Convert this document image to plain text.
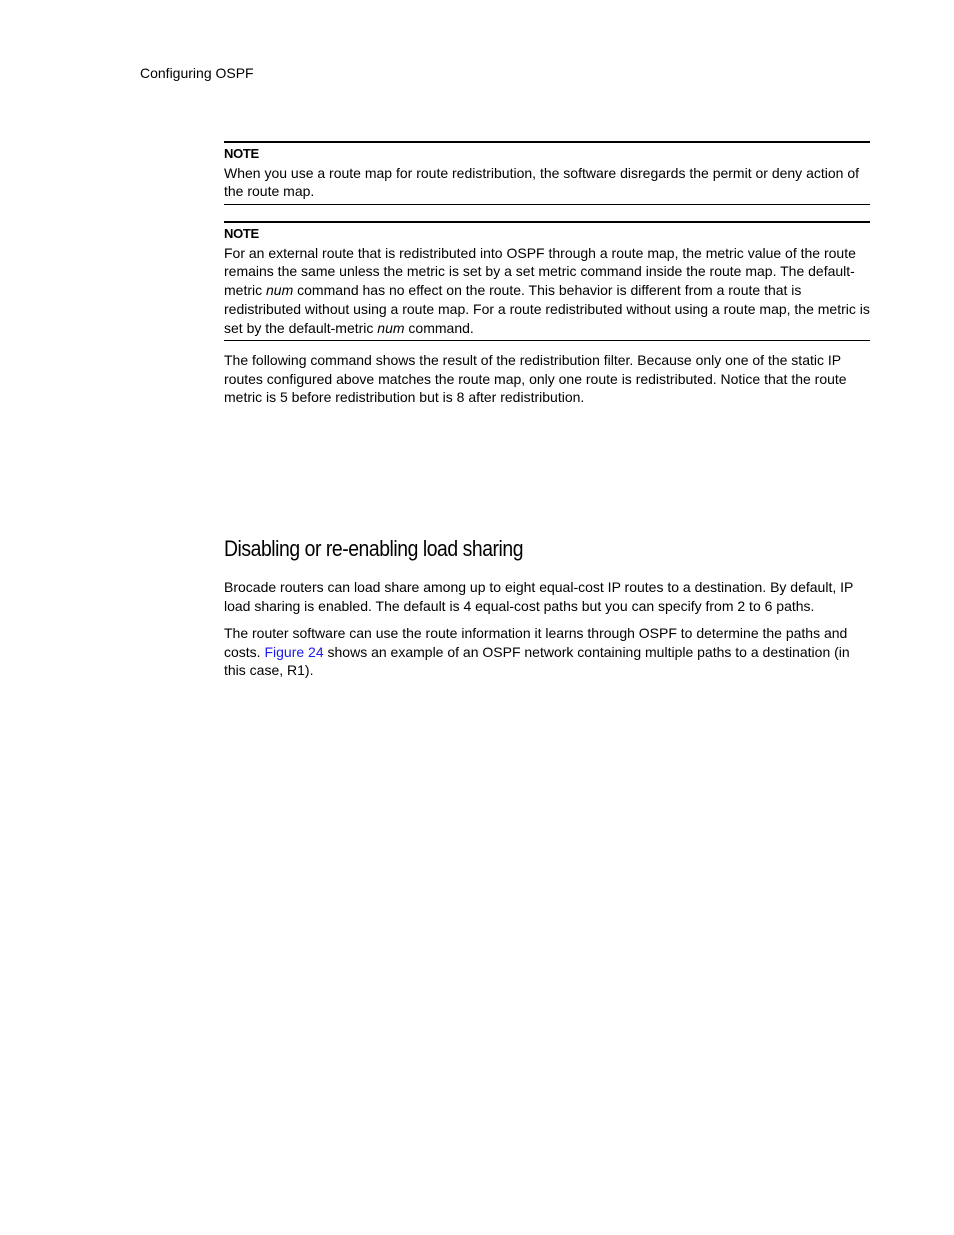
Configuring OSPF
NOTE
When you use a route map for route redistribution, the software disregards the permit or deny action of the route map.
NOTE
For an external route that is redistributed into OSPF through a route map, the metric value of the route remains the same unless the metric is set by a set metric command inside the route map. The default-metric num command has no effect on the route. This behavior is different from a route that is redistributed without using a route map. For a route redistributed without using a route map, the metric is set by the default-metric num command.

The following command shows the result of the redistribution filter. Because only one of the static IP routes configured above matches the route map, only one route is redistributed. Notice that the route metric is 5 before redistribution but is 8 after redistribution.

Disabling or re-enabling load sharing

Brocade routers can load share among up to eight equal-cost IP routes to a destination. By default, IP load sharing is enabled. The default is 4 equal-cost paths but you can specify from 2 to 6 paths.

The router software can use the route information it learns through OSPF to determine the paths and costs. Figure 24 shows an example of an OSPF network containing multiple paths to a destination (in this case, R1).
